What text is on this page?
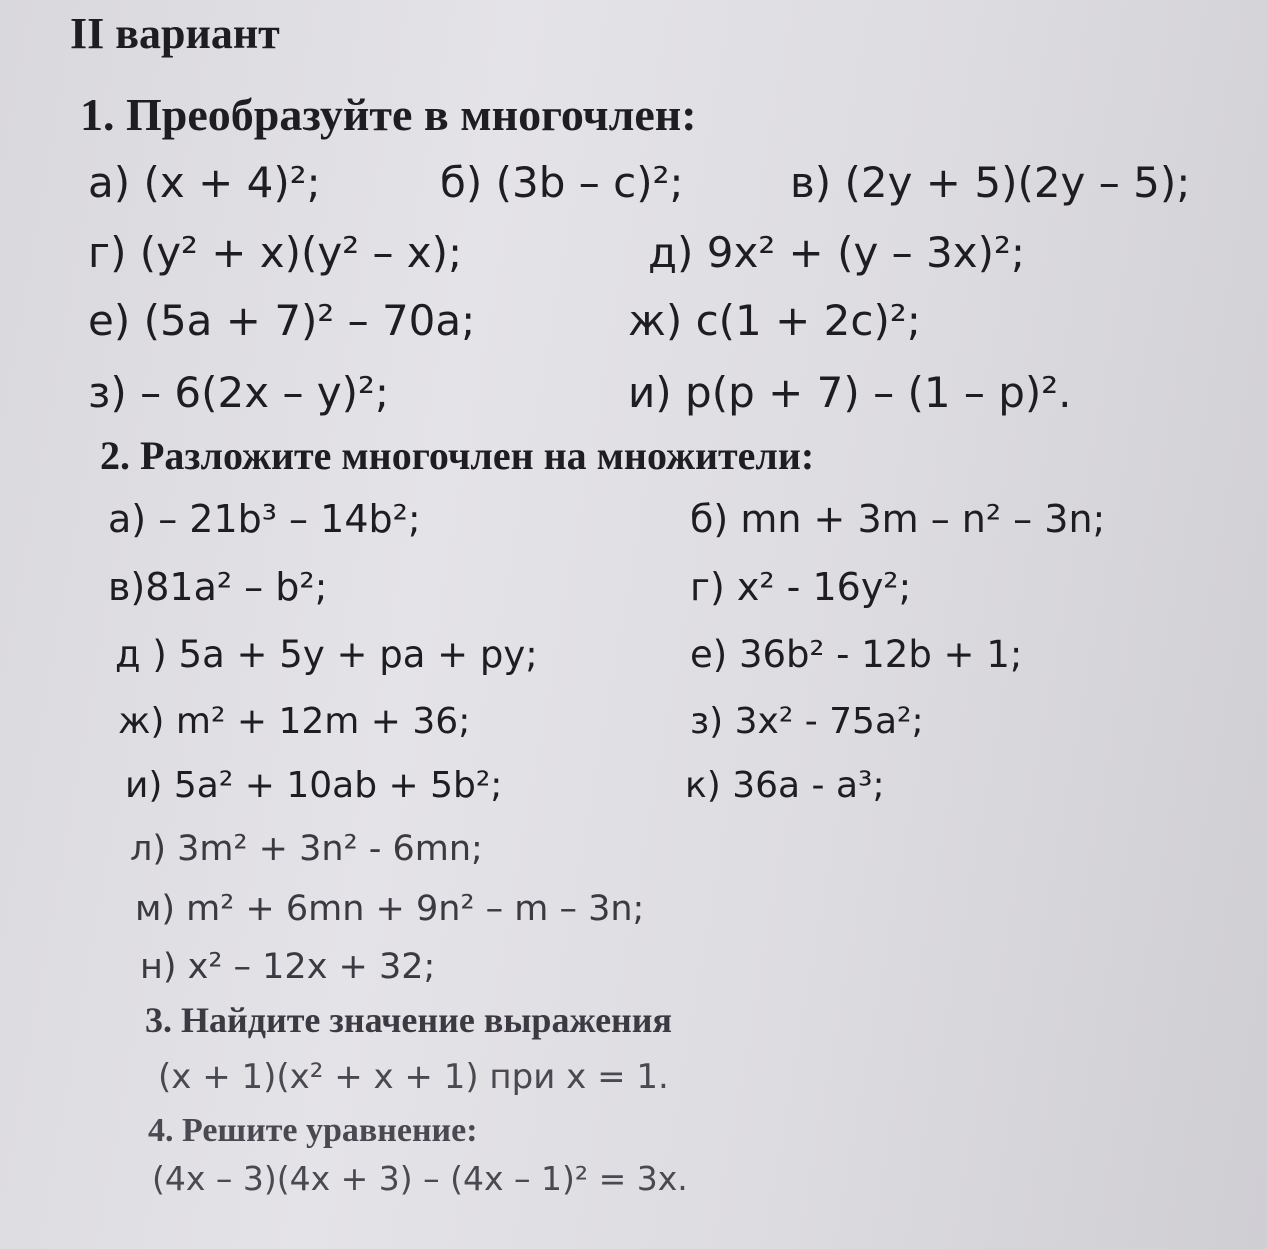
II вариант
1. Преобразуйте в многочлен:
а) (x + 4)²;	б) (3b – c)²;	в) (2y + 5)(2y – 5);
г) (y² + x)(y² – x);	д) 9x² + (y – 3x)²;
е) (5a + 7)² – 70a;	ж) c(1 + 2c)²;
з) – 6(2x – y)²;	и) p(p + 7) – (1 – p)².
2. Разложите многочлен на множители:
а) – 21b³ – 14b²;	б) mn + 3m – n² – 3n;
в)81a² – b²;	г) x² - 16y²;
д ) 5a + 5y + pa + py;	е) 36b² - 12b + 1;
ж) m² + 12m + 36;	з) 3x² - 75a²;
и) 5a² + 10ab + 5b²;	к) 36a - a³;
л) 3m² + 3n² - 6mn;
м) m² + 6mn + 9n² – m – 3n;
н) x² – 12x + 32;
3. Найдите значение выражения
(x + 1)(x² + x + 1) при x = 1.
4. Решите уравнение:
(4x – 3)(4x + 3) – (4x – 1)² = 3x.
